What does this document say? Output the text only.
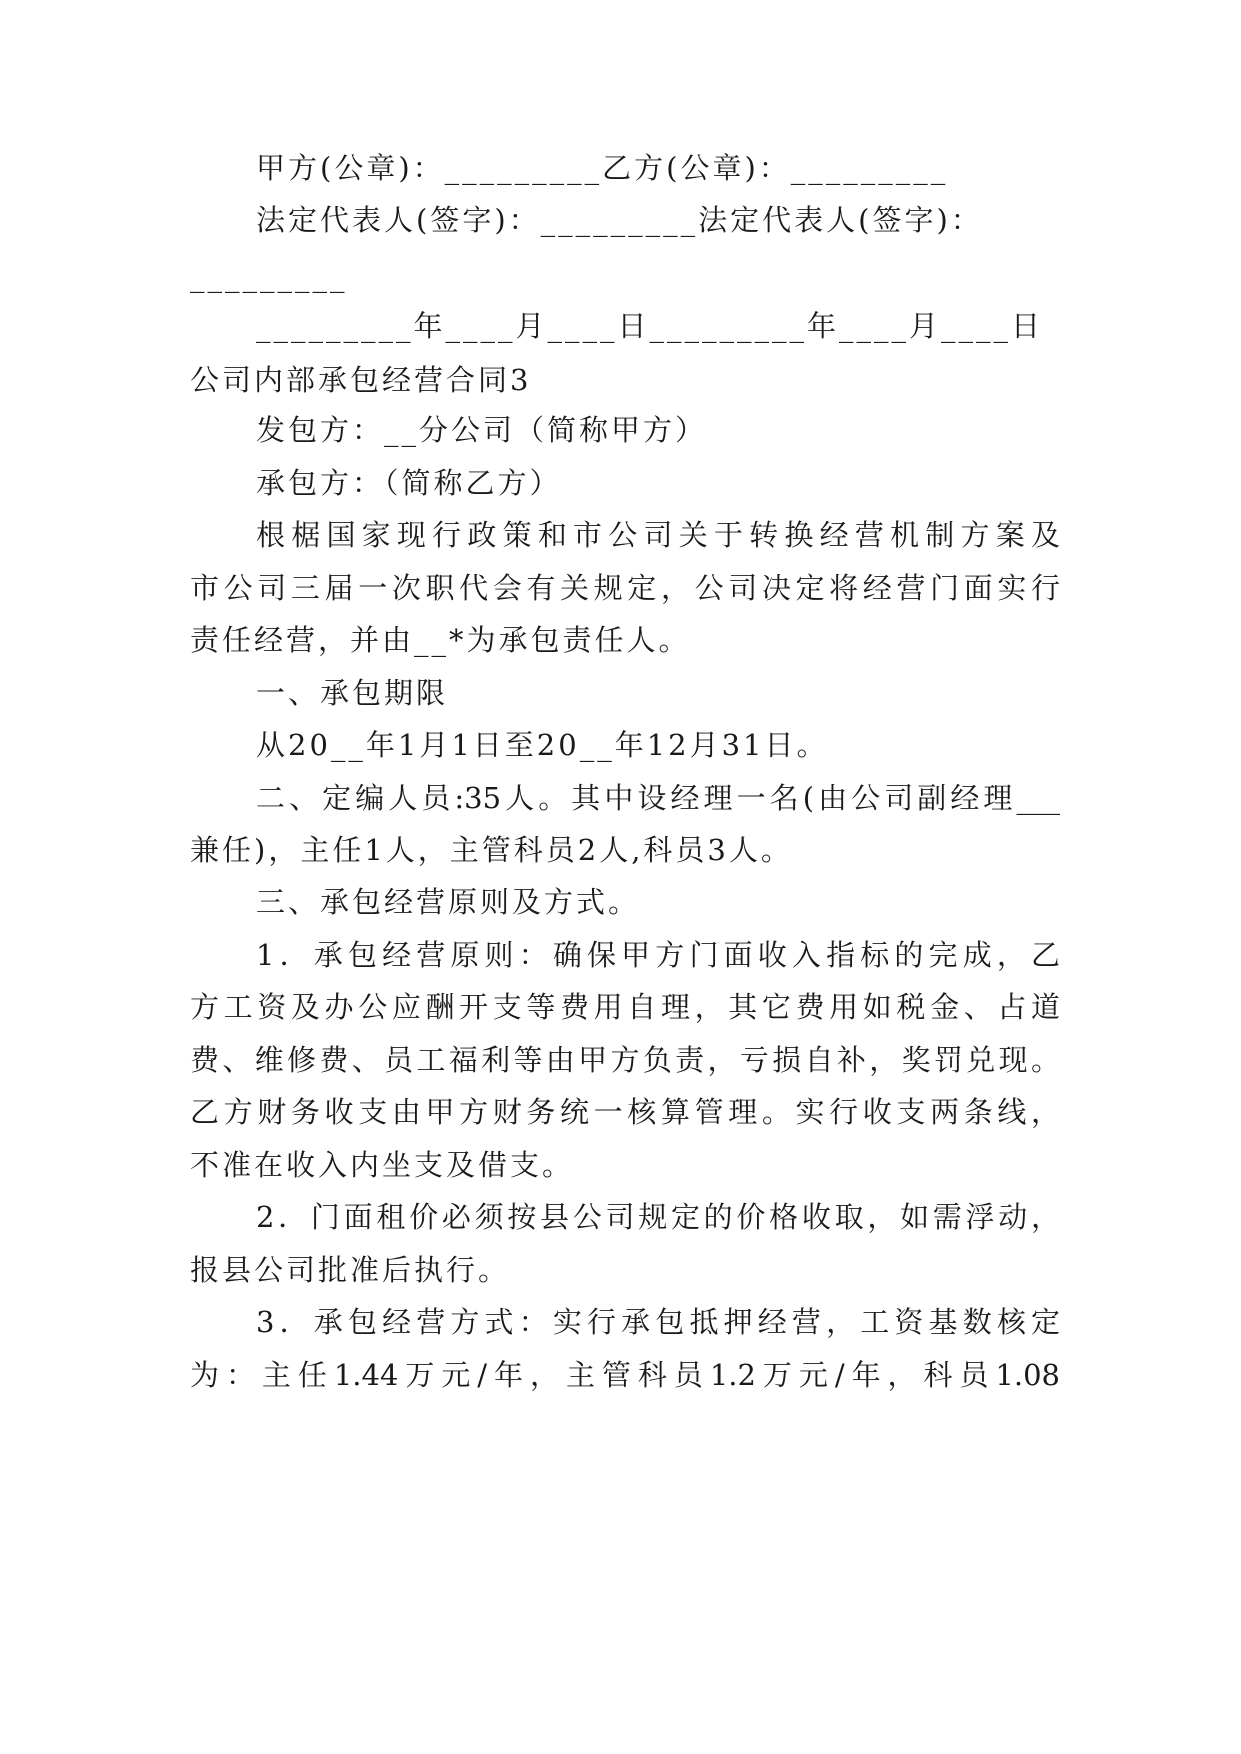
甲方(公章)：_________乙方(公章)：_________
法定代表人(签字)：_________法定代表人(签字)：
_________
_________年____月____日_________年____月____日
公司内部承包经营合同3
发包方：__分公司（简称甲方）
承包方：（简称乙方）
根椐国家现行政策和市公司关于转换经营机制方案及
市公司三届一次职代会有关规定，公司决定将经营门面实行
责任经营，并由__*为承包责任人。
一、承包期限
从20__年1月1日至20__年12月31日。
二、定编人员:35人。其中设经理一名(由公司副经理___
兼任)，主任1人，主管科员2人,科员3人。
三、承包经营原则及方式。
1．承包经营原则：确保甲方门面收入指标的完成，乙
方工资及办公应酬开支等费用自理，其它费用如税金、占道
费、维修费、员工福利等由甲方负责，亏损自补，奖罚兑现。
乙方财务收支由甲方财务统一核算管理。实行收支两条线，
不准在收入内坐支及借支。
2．门面租价必须按县公司规定的价格收取，如需浮动，
报县公司批准后执行。
3．承包经营方式：实行承包抵押经营，工资基数核定
为：主任1.44万元/年，主管科员1.2万元/年，科员1.08
